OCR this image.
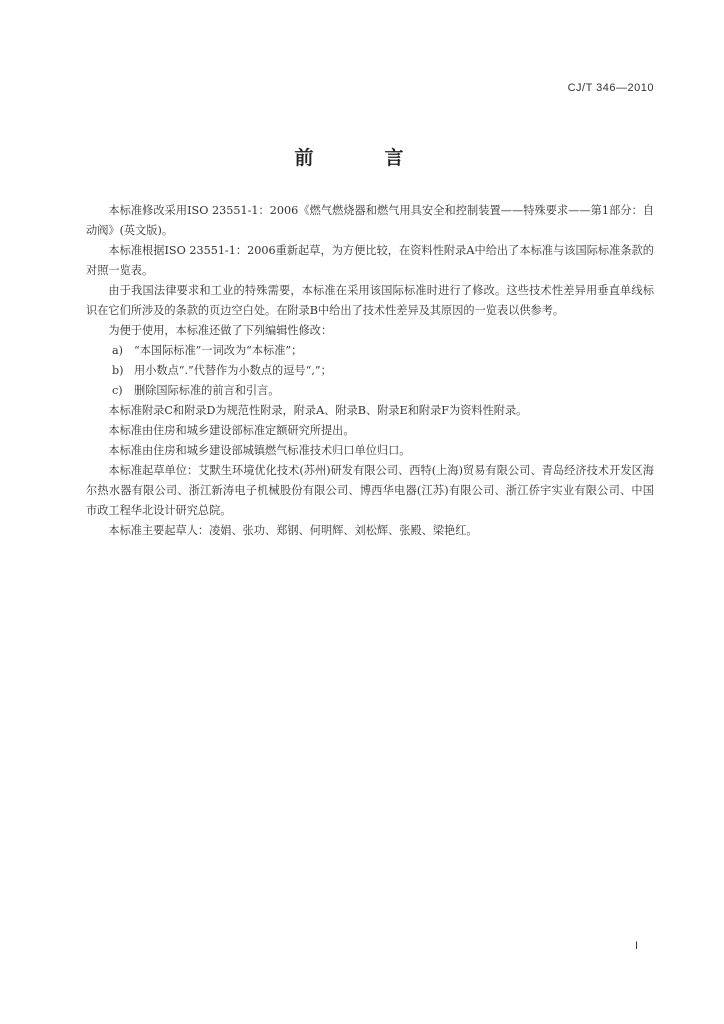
CJ/T 346—2010
前　言

本标准修改采用ISO 23551-1：2006《燃气燃烧器和燃气用具安全和控制装置——特殊要求——第1部分：自动阀》(英文版)。

本标准根据ISO 23551-1：2006重新起草，为方便比较，在资料性附录A中给出了本标准与该国际标准条款的对照一览表。

由于我国法律要求和工业的特殊需要，本标准在采用该国际标准时进行了修改。这些技术性差异用垂直单线标识在它们所涉及的条款的页边空白处。在附录B中给出了技术性差异及其原因的一览表以供参考。

为便于使用，本标准还做了下列编辑性修改：

a) “本国际标准”一词改为“本标准”；

b) 用小数点“.”代替作为小数点的逗号“,”；

c) 删除国际标准的前言和引言。

本标准附录C和附录D为规范性附录，附录A、附录B、附录E和附录F为资料性附录。

本标准由住房和城乡建设部标准定额研究所提出。

本标准由住房和城乡建设部城镇燃气标准技术归口单位归口。

本标准起草单位：艾默生环境优化技术(苏州)研发有限公司、西特(上海)贸易有限公司、青岛经济技术开发区海尔热水器有限公司、浙江新涛电子机械股份有限公司、博西华电器(江苏)有限公司、浙江侨宇实业有限公司、中国市政工程华北设计研究总院。

本标准主要起草人：凌娟、张功、郑钢、何明辉、刘松辉、张殿、梁艳红。

I
